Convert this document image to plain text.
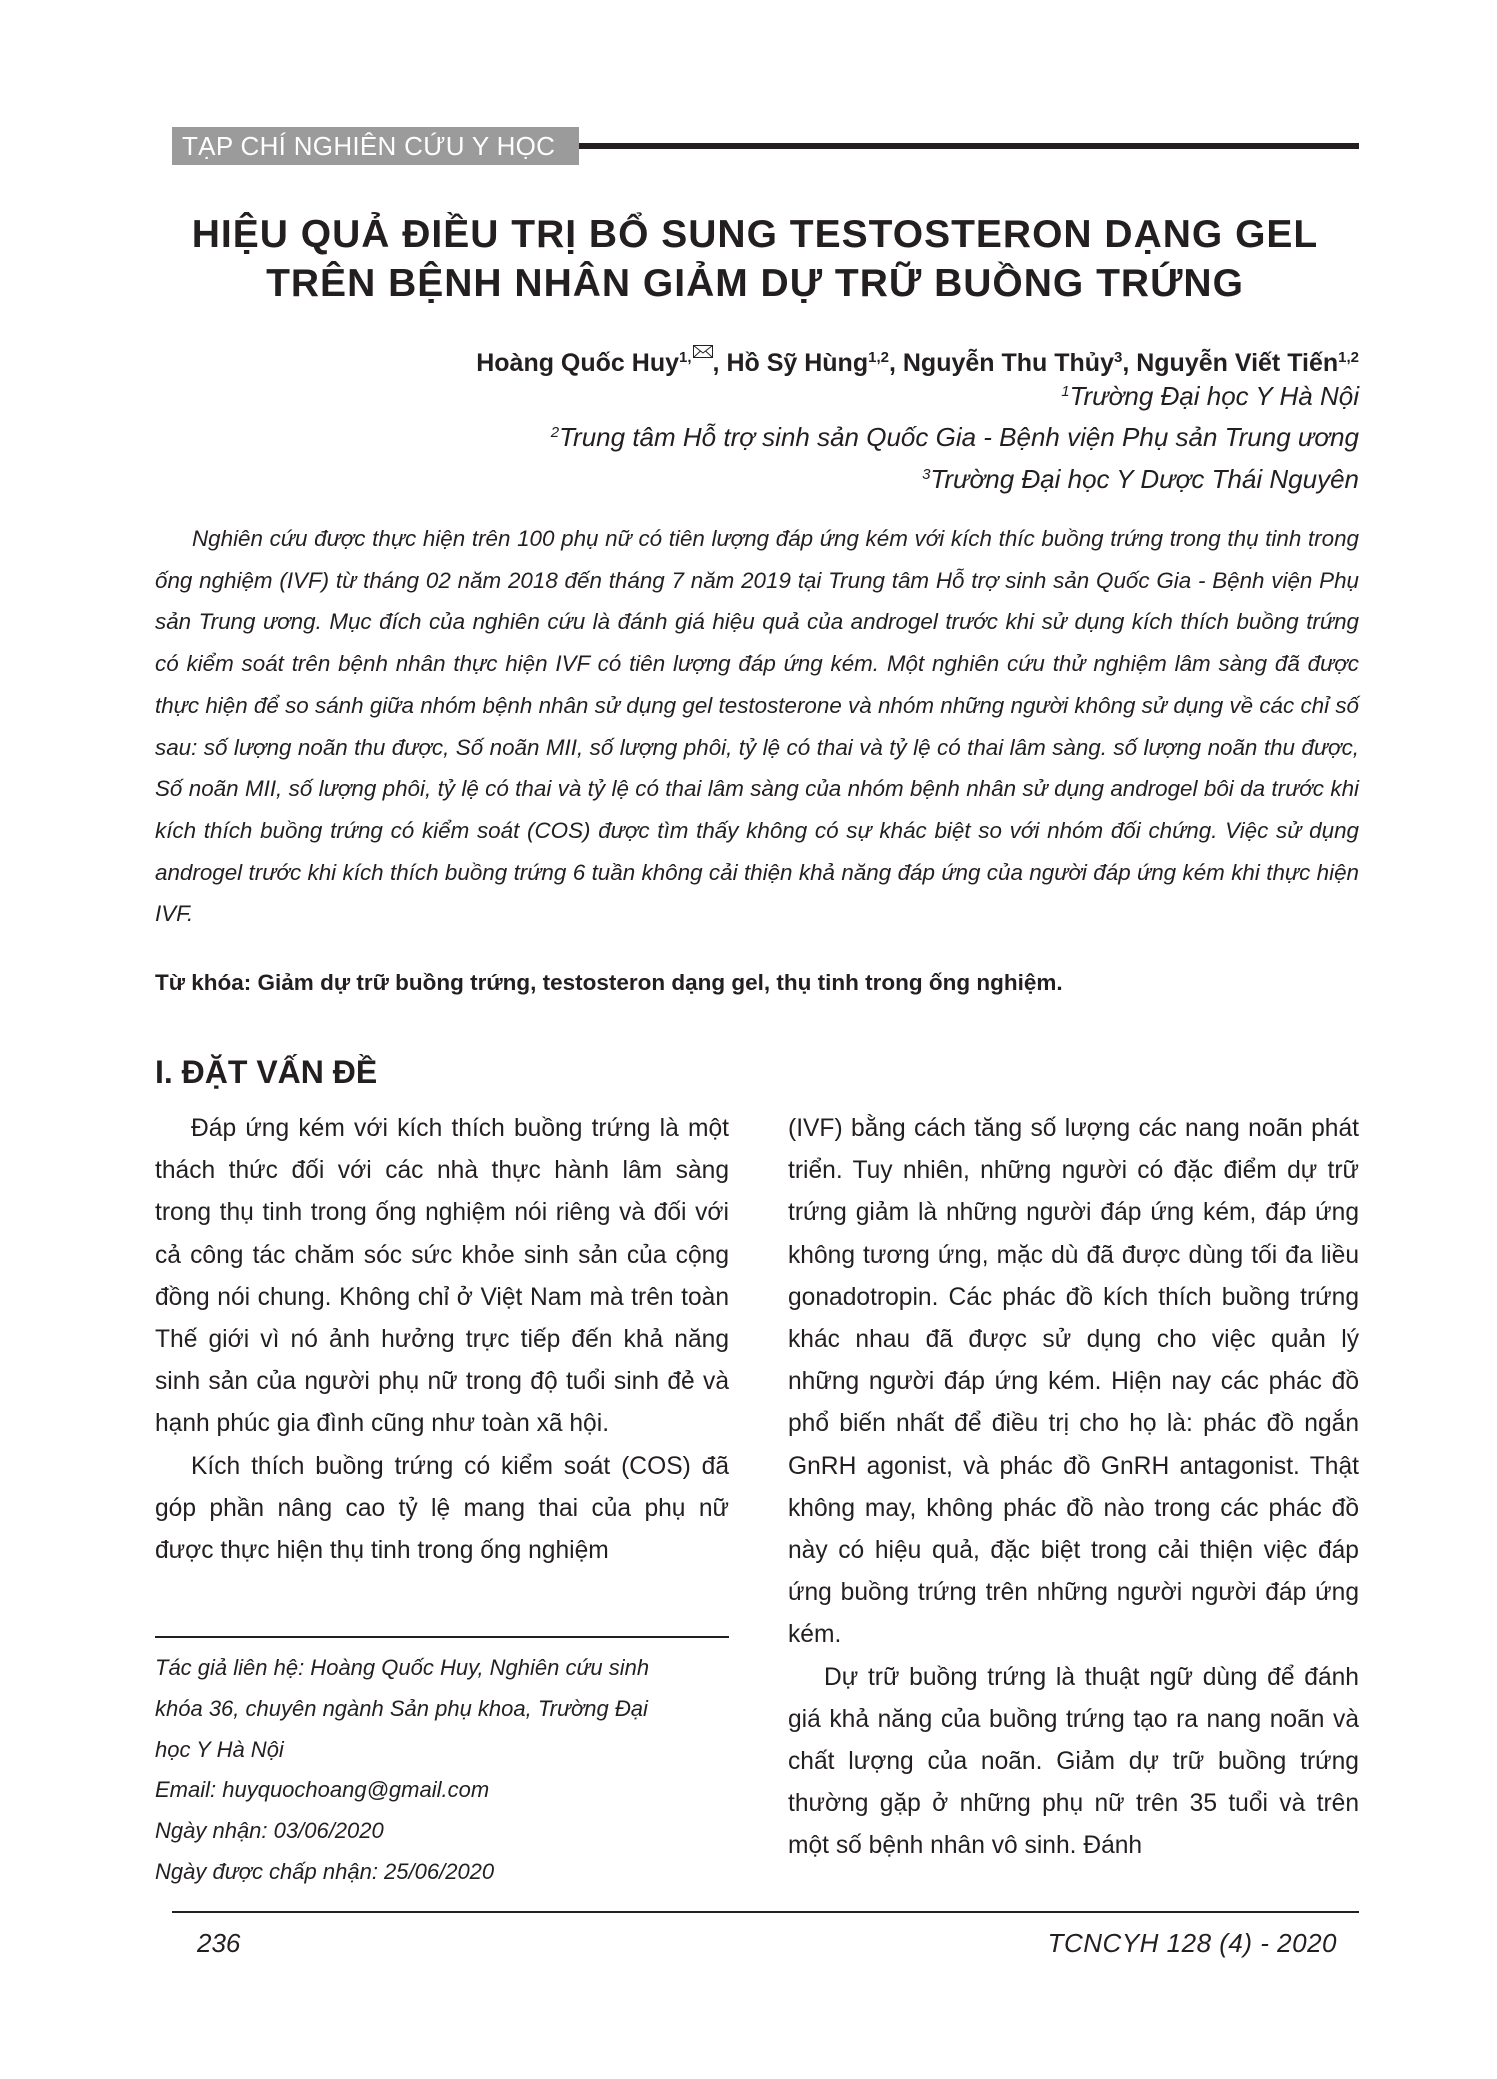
TẠP CHÍ NGHIÊN CỨU Y HỌC
HIỆU QUẢ ĐIỀU TRỊ BỔ SUNG TESTOSTERON DẠNG GEL
TRÊN BỆNH NHÂN GIẢM DỰ TRỮ BUỒNG TRỨNG
Hoàng Quốc Huy$^{1,}$ , Hồ Sỹ Hùng$^{1,2}$, Nguyễn Thu Thủy$^3$, Nguyễn Viết Tiến$^{1,2}$
$^1$Trường Đại học Y Hà Nội
$^2$Trung tâm Hỗ trợ sinh sản Quốc Gia - Bệnh viện Phụ sản Trung ương
$^3$Trường Đại học Y Dược Thái Nguyên

Nghiên cứu được thực hiện trên 100 phụ nữ có tiên lượng đáp ứng kém với kích thíc buồng trứng trong thụ tinh trong ống nghiệm (IVF) từ tháng 02 năm 2018 đến tháng 7 năm 2019 tại Trung tâm Hỗ trợ sinh sản Quốc Gia - Bệnh viện Phụ sản Trung ương. Mục đích của nghiên cứu là đánh giá hiệu quả của androgel trước khi sử dụng kích thích buồng trứng có kiểm soát trên bệnh nhân thực hiện IVF có tiên lượng đáp ứng kém. Một nghiên cứu thử nghiệm lâm sàng đã được thực hiện để so sánh giữa nhóm bệnh nhân sử dụng gel testosterone và nhóm những người không sử dụng về các chỉ số sau: số lượng noãn thu được, Số noãn MII, số lượng phôi, tỷ lệ có thai và tỷ lệ có thai lâm sàng. số lượng noãn thu được, Số noãn MII, số lượng phôi, tỷ lệ có thai và tỷ lệ có thai lâm sàng của nhóm bệnh nhân sử dụng androgel bôi da trước khi kích thích buồng trứng có kiểm soát (COS) được tìm thấy không có sự khác biệt so với nhóm đối chứng. Việc sử dụng androgel trước khi kích thích buồng trứng 6 tuần không cải thiện khả năng đáp ứng của người đáp ứng kém khi thực hiện IVF.

Từ khóa: Giảm dự trữ buồng trứng, testosteron dạng gel, thụ tinh trong ống nghiệm.
I. ĐẶT VẤN ĐỀ

Đáp ứng kém với kích thích buồng trứng là một thách thức đối với các nhà thực hành lâm sàng trong thụ tinh trong ống nghiệm nói riêng và đối với cả công tác chăm sóc sức khỏe sinh sản của cộng đồng nói chung. Không chỉ ở Việt Nam mà trên toàn Thế giới vì nó ảnh hưởng trực tiếp đến khả năng sinh sản của người phụ nữ trong độ tuổi sinh đẻ và hạnh phúc gia đình cũng như toàn xã hội.

Kích thích buồng trứng có kiểm soát (COS) đã góp phần nâng cao tỷ lệ mang thai của phụ nữ được thực hiện thụ tinh trong ống nghiệm

(IVF) bằng cách tăng số lượng các nang noãn phát triển. Tuy nhiên, những người có đặc điểm dự trữ trứng giảm là những người đáp ứng kém, đáp ứng không tương ứng, mặc dù đã được dùng tối đa liều gonadotropin. Các phác đồ kích thích buồng trứng khác nhau đã được sử dụng cho việc quản lý những người đáp ứng kém. Hiện nay các phác đồ phổ biến nhất để điều trị cho họ là: phác đồ ngắn GnRH agonist, và phác đồ GnRH antagonist. Thật không may, không phác đồ nào trong các phác đồ này có hiệu quả, đặc biệt trong cải thiện việc đáp ứng buồng trứng trên những người người đáp ứng kém.

Dự trữ buồng trứng là thuật ngữ dùng để đánh giá khả năng của buồng trứng tạo ra nang noãn và chất lượng của noãn. Giảm dự trữ buồng trứng thường gặp ở những phụ nữ trên 35 tuổi và trên một số bệnh nhân vô sinh. Đánh

Tác giả liên hệ: Hoàng Quốc Huy, Nghiên cứu sinh
khóa 36, chuyên ngành Sản phụ khoa, Trường Đại
học Y Hà Nội
Email: huyquochoang@gmail.com
Ngày nhận: 03/06/2020
Ngày được chấp nhận: 25/06/2020
236	TCNCYH 128 (4) - 2020
